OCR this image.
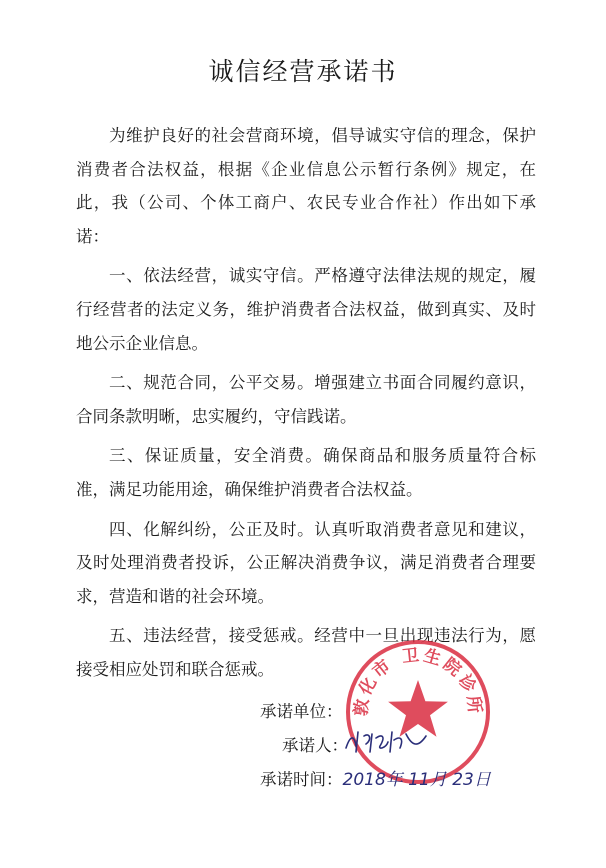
诚信经营承诺书

为维护良好的社会营商环境，倡导诚实守信的理念，保护消费者合法权益，根据《企业信息公示暂行条例》规定，在此，我（公司、个体工商户、农民专业合作社）作出如下承诺：

一、依法经营，诚实守信。严格遵守法律法规的规定，履行经营者的法定义务，维护消费者合法权益，做到真实、及时地公示企业信息。

二、规范合同，公平交易。增强建立书面合同履约意识，合同条款明晰，忠实履约，守信践诺。

三、保证质量，安全消费。确保商品和服务质量符合标准，满足功能用途，确保维护消费者合法权益。

四、化解纠纷，公正及时。认真听取消费者意见和建议，及时处理消费者投诉，公正解决消费争议，满足消费者合理要求，营造和谐的社会环境。

五、违法经营，接受惩戒。经营中一旦出现违法行为，愿接受相应处罚和联合惩戒。

敦化市 卫生院诊所
承诺单位：
承诺人：
承诺时间：2018年 11月 23日
